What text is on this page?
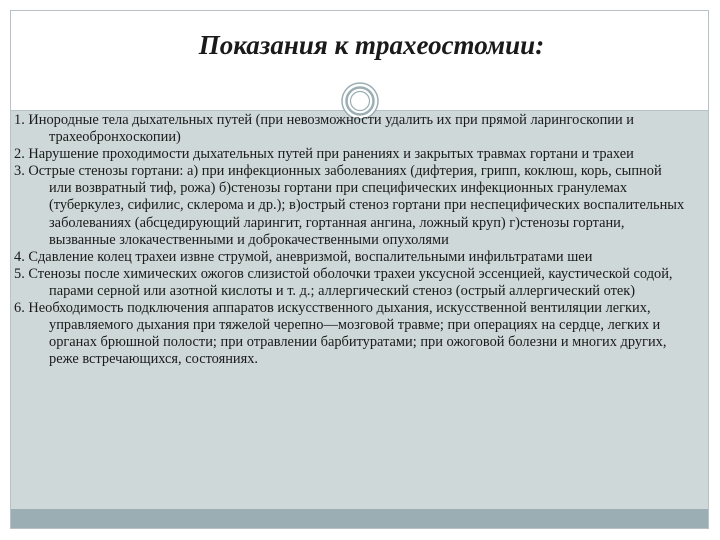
Показания к трахеостомии:

1. Инородные тела дыхательных путей (при невозможности удалить их при прямой ларингоскопии и трахеобронхоскопии)

2. Нарушение проходимости дыхательных путей при ранениях и закрытых травмах гортани и трахеи

3. Острые стенозы гортани: а) при инфекционных заболеваниях (дифтерия, грипп, коклюш, корь, сыпной или возвратный тиф, рожа) б)стенозы гортани при специфических инфекционных гранулемах (туберкулез, сифилис, склерома и др.); в)острый стеноз гортани при неспецифических воспалительных заболеваниях (абсцедирующий ларингит, гортанная ангина, ложный круп) г)стенозы гортани, вызванные злокачественными и доброкачественными опухолями

4. Сдавление колец трахеи извне струмой, аневризмой, воспалительными инфильтратами шеи

5. Стенозы после химических ожогов слизистой оболочки трахеи уксусной эссенцией, каустической содой, парами серной или азотной кислоты и т. д.; аллергический стеноз (острый аллергический отек)

6. Необходимость подключения аппаратов искусственного дыхания, искусственной вентиляции легких, управляемого дыхания при тяжелой черепно—мозговой травме; при операциях на сердце, легких и органах брюшной полости; при отравлении барбитуратами; при ожоговой болезни и многих других, реже встречающихся, состояниях.
